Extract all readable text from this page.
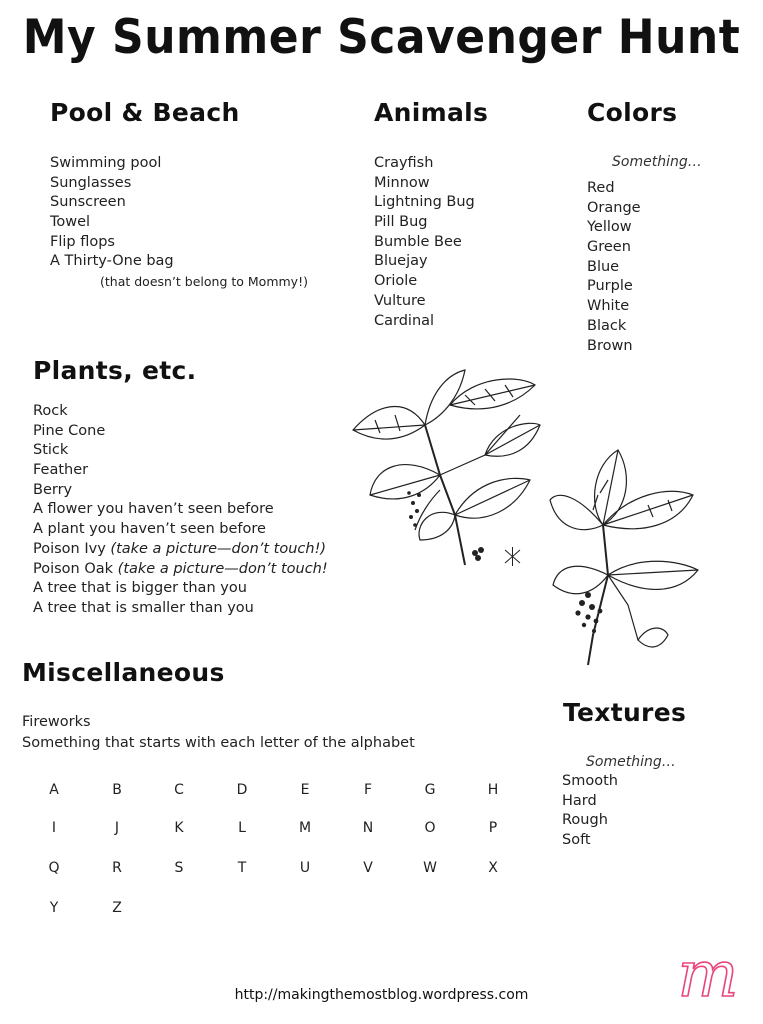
My Summer Scavenger Hunt
Pool & Beach
Swimming pool
Sunglasses
Sunscreen
Towel
Flip flops
A Thirty-One bag
(that doesn’t belong to Mommy!)
Animals
Crayfish
Minnow
Lightning Bug
Pill Bug
Bumble Bee
Bluejay
Oriole
Vulture
Cardinal
Colors
Something…
Red
Orange
Yellow
Green
Blue
Purple
White
Black
Brown
Plants, etc.
Rock
Pine Cone
Stick
Feather
Berry
A flower you haven’t seen before
A plant you haven’t seen before
Poison Ivy (take a picture—don’t touch!)
Poison Oak (take a picture—don’t touch!
A tree that is bigger than you
A tree that is smaller than you
Miscellaneous
Fireworks
Something that starts with each letter of the alphabet
A	B	C	D	E	F	G	H
I	J	K	L	M	N	O	P
Q	R	S	T	U	V	W	X
Y	Z
Textures
Something…
Smooth
Hard
Rough
Soft
http://makingthemostblog.wordpress.com	m
